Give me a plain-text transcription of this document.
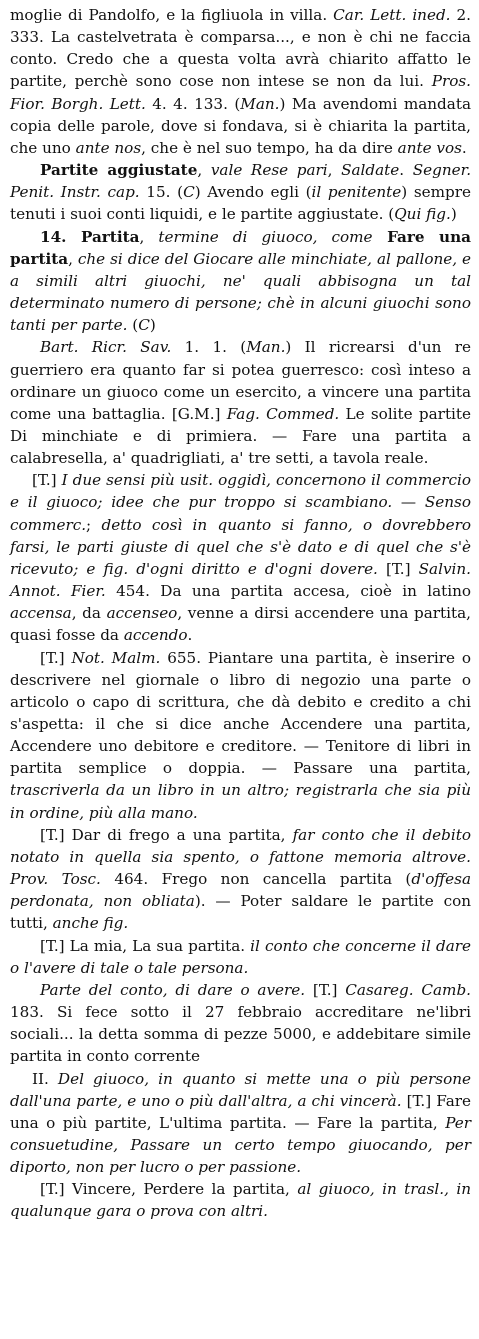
moglie di Pandolfo, e la figliuola in villa. Car. Lett. ined. 2. 333. La castelvetrata è comparsa..., e non è chi ne faccia conto. Credo che a questa volta avrà chiarito affatto le partite, perchè sono cose non intese se non da lui. Pros. Fior. Borgh. Lett. 4. 4. 133. (Man.) Ma avendomi mandata copia delle parole, dove si fondava, si è chiarita la partita, che uno ante nos, che è nel suo tempo, ha da dire ante vos.

Partite aggiustate, vale Rese pari, Saldate. Segner. Penit. Instr. cap. 15. (C) Avendo egli (il penitente) sempre tenuti i suoi conti liquidi, e le partite aggiustate. (Qui fig.)

14. Partita, termine di giuoco, come Fare una partita, che si dice del Giocare alle minchiate, al pallone, e a simili altri giuochi, ne' quali abbisogna un tal determinato numero di persone; chè in alcuni giuochi sono tanti per parte. (C)

Bart. Ricr. Sav. 1. 1. (Man.) Il ricrearsi d'un re guerriero era quanto far si potea guerresco: così inteso a ordinare un giuoco come un esercito, a vincere una partita come una battaglia. [G.M.] Fag. Commed. Le solite partite Di minchiate e di primiera. — Fare una partita a calabresella, a' quadrigliati, a' tre setti, a tavola reale.

[T.] I due sensi più usit. oggidì, concernono il commercio e il giuoco; idee che pur troppo si scambiano. — Senso commerc.; detto così in quanto si fanno, o dovrebbero farsi, le parti giuste di quel che s'è dato e di quel che s'è ricevuto; e fig. d'ogni diritto e d'ogni dovere. [T.] Salvin. Annot. Fier. 454. Da una partita accesa, cioè in latino accensa, da accenseo, venne a dirsi accendere una partita, quasi fosse da accendo.

[T.] Not. Malm. 655. Piantare una partita, è inserire o descrivere nel giornale o libro di negozio una parte o articolo o capo di scrittura, che dà debito e credito a chi s'aspetta: il che si dice anche Accendere una partita, Accendere uno debitore e creditore. — Tenitore di libri in partita semplice o doppia. — Passare una partita, trascriverla da un libro in un altro; registrarla che sia più in ordine, più alla mano.

[T.] Dar di frego a una partita, far conto che il debito notato in quella sia spento, o fattone memoria altrove. Prov. Tosc. 464. Frego non cancella partita (d'offesa perdonata, non obliata). — Poter saldare le partite con tutti, anche fig.

[T.] La mia, La sua partita. il conto che concerne il dare o l'avere di tale o tale persona.

Parte del conto, di dare o avere. [T.] Casareg. Camb. 183. Si fece sotto il 27 febbraio accreditare ne'libri sociali... la detta somma di pezze 5000, e addebitare simile partita in conto corrente

II. Del giuoco, in quanto si mette una o più persone dall'una parte, e uno o più dall'altra, a chi vincerà. [T.] Fare una o più partite, L'ultima partita. — Fare la partita, Per consuetudine, Passare un certo tempo giuocando, per diporto, non per lucro o per passione.

[T.] Vincere, Perdere la partita, al giuoco, in trasl., in qualunque gara o prova con altri.
